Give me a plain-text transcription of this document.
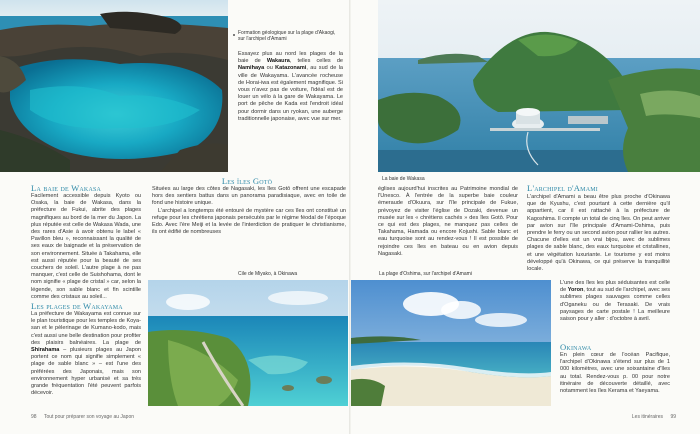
Formation géologique sur la plage d'Akaogi, sur l'archipel d'Amami

Essayez plus au nord les plages de la baie de Wakaura, telles celles de Namihaya ou Katazonami, au sud de la ville de Wakayama. L'avancée rocheuse de Horai-iwa est également magnifique. Si vous n'avez pas de voiture, l'idéal est de louer un vélo à la gare de Wakayama. Le port de pêche de Kada est l'endroit idéal pour dormir dans un ryokan, une auberge traditionnelle japonaise, avec vue sur mer.

La baie de Wakasa
La baie de Wakasa
Facilement accessible depuis Kyoto ou Osaka, la baie de Wakasa, dans la préfecture de Fukui, abrite des plages magnifiques au bord de la mer du Japon. La plus réputée est celle de Wakasa Wada, une des rares d'Asie à avoir obtenu le label « Pavillon bleu », reconnaissant la qualité de ses eaux de baignade et la préservation de son environnement. Située à Takahama, elle est aussi réputée pour la beauté de ses couchers de soleil. L'autre plage à ne pas manquer, c'est celle de Suishohama, dont le nom signifie « plage de cristal » car, selon la légende, son sable blanc et fin scintille comme des cristaux au soleil...
Les plages de Wakayama

La préfecture de Wakayama est connue sur le plan touristique pour les temples de Koya-san et le pèlerinage de Kumano-kodo, mais c'est aussi une belle destination pour profiter des plaisirs balnéaires. La plage de Shirahama – plusieurs plages au Japon portent ce nom qui signifie simplement « plage de sable blanc » – est l'une des préférées des Japonais, mais son environnement hyper urbanisé et sa très grande fréquentation l'été peuvent parfois décevoir.

Les îles Gotō

Situées au large des côtes de Nagasaki, les îles Gotō offrent une escapade hors des sentiers battus dans un panorama paradisiaque, avec en toile de fond une histoire unique.

L'archipel a longtemps été entouré de mystère car ces îles ont constitué un refuge pour les chrétiens japonais persécutés par le régime féodal de l'époque Edo. Avec l'ère Meiji et la levée de l'interdiction de pratiquer le christianisme, ils ont édifié de nombreuses

églises aujourd'hui inscrites au Patrimoine mondial de l'Unesco. À l'entrée de la superbe baie couleur émeraude d'Okuura, sur l'île principale de Fukue, prévoyez de visiter l'église de Dozaki, devenue un musée sur les « chrétiens cachés » des îles Gotō. Pour ce qui est des plages, ne manquez pas celles de Takahama, Hamada ou encore Kojushi. Sable blanc et eau turquoise sont au rendez-vous ! Il est possible de rejoindre ces îles en bateau ou en avion depuis Nagasaki.
L'archipel d'Amami
L'archipel d'Amami a beau être plus proche d'Okinawa que de Kyushu, c'est pourtant à cette dernière qu'il appartient, car il est rattaché à la préfecture de Kagoshima. Il compte un total de cinq îles. On peut arriver par avion sur l'île principale d'Amami-Oshima, puis prendre le ferry ou un second avion pour rallier les autres. Chacune d'elles est un vrai bijou, avec de sublimes plages de sable blanc, des eaux turquoise et cristallines, et une végétation luxuriante. Le tourisme y est moins développé qu'à Okinawa, ce qui préserve la tranquillité locale.

L'une des îles les plus séduisantes est celle de Yoron, tout au sud de l'archipel, avec ses sublimes plages sauvages comme celles d'Oganeku ou de Terasaki. De vrais paysages de carte postale ! La meilleure saison pour y aller : d'octobre à avril.

Okinawa
En plein cœur de l'océan Pacifique, l'archipel d'Okinawa s'étend sur plus de 1 000 kilomètres, avec une soixantaine d'îles au total. Rendez-vous p. 00 pour notre itinéraire de découverte détaillé, avec notamment les îles Kerama et Yaeyama.
Cile de Miyako, à Okinawa	La plage d'Oshima, sur l'archipel d'Amami
98 Tout pour préparer son voyage au Japon	Les itinéraires 99
